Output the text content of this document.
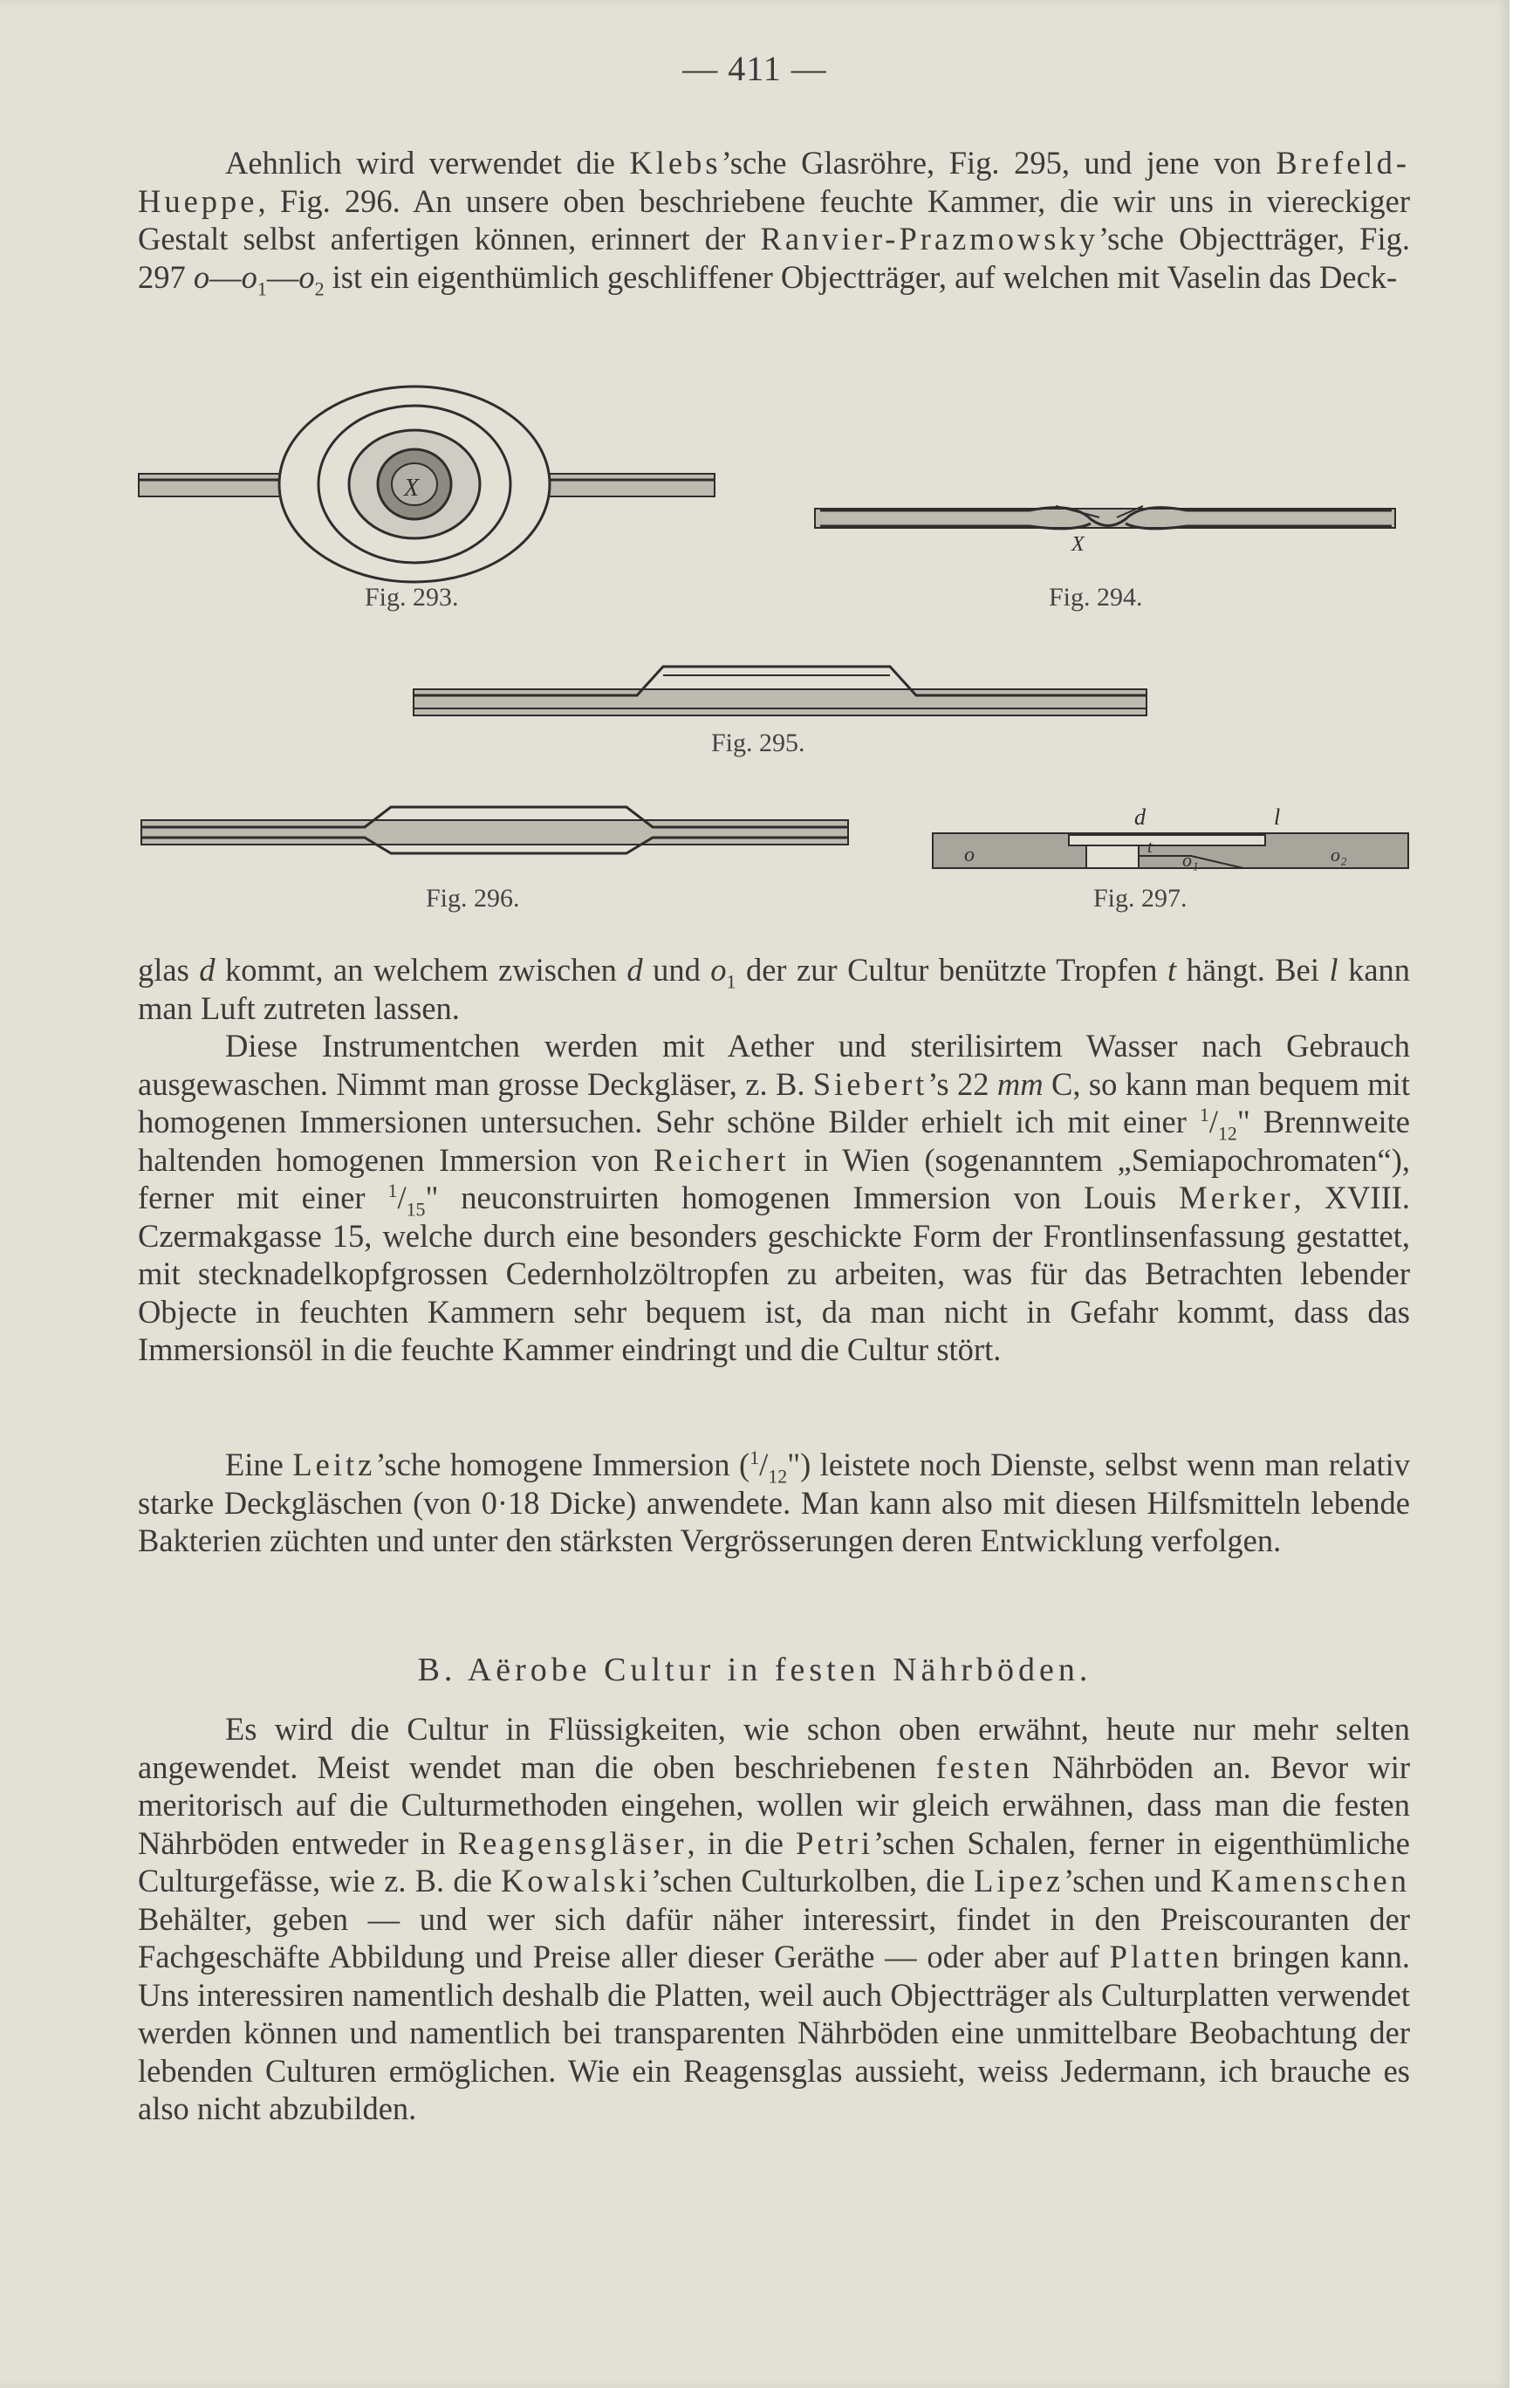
— 411 —

Aehnlich wird verwendet die Klebs’sche Glasröhre, Fig. 295, und jene von Brefeld-Hueppe, Fig. 296. An unsere oben beschriebene feuchte Kammer, die wir uns in viereckiger Gestalt selbst anfertigen können, erinnert der Ranvier-Prazmowsky’sche Objectträger, Fig. 297 $o—o_1—o_2$ ist ein eigenthümlich geschliffener Objectträger, auf welchen mit Vaselin das Deck-

X
Fig. 293.
X
Fig. 294.
Fig. 295.
Fig. 296.
d	l
o	o₁	o₂
t
Fig. 297.

glas d kommt, an welchem zwischen d und $o_1$ der zur Cultur benützte Tropfen t hängt. Bei l kann man Luft zutreten lassen.

Diese Instrumentchen werden mit Aether und sterilisirtem Wasser nach Gebrauch ausgewaschen. Nimmt man grosse Deckgläser, z. B. Siebert’s 22 mm C, so kann man bequem mit homogenen Immersionen untersuchen. Sehr schöne Bilder erhielt ich mit einer $^1/_{12}$" Brennweite haltenden homogenen Immersion von Reichert in Wien (sogenanntem „Semiapochromaten“), ferner mit einer $^1/_{15}$" neuconstruirten homogenen Immersion von Louis Merker, XVIII. Czermakgasse 15, welche durch eine besonders geschickte Form der Frontlinsenfassung gestattet, mit stecknadelkopfgrossen Cedernholzöltropfen zu arbeiten, was für das Betrachten lebender Objecte in feuchten Kammern sehr bequem ist, da man nicht in Gefahr kommt, dass das Immersionsöl in die feuchte Kammer eindringt und die Cultur stört.

Eine Leitz’sche homogene Immersion $(^1/_{12}")$ leistete noch Dienste, selbst wenn man relativ starke Deckgläschen (von 0·18 Dicke) anwendete. Man kann also mit diesen Hilfsmitteln lebende Bakterien züchten und unter den stärksten Vergrösserungen deren Entwicklung verfolgen.

B. Aërobe Cultur in festen Nährböden.

Es wird die Cultur in Flüssigkeiten, wie schon oben erwähnt, heute nur mehr selten angewendet. Meist wendet man die oben beschriebenen festen Nährböden an. Bevor wir meritorisch auf die Culturmethoden eingehen, wollen wir gleich erwähnen, dass man die festen Nährböden entweder in Reagensgläser, in die Petri’schen Schalen, ferner in eigenthümliche Culturgefässe, wie z. B. die Kowalski’schen Culturkolben, die Lipez’schen und Kamenschen Behälter, geben — und wer sich dafür näher interessirt, findet in den Preiscouranten der Fachgeschäfte Abbildung und Preise aller dieser Geräthe — oder aber auf Platten bringen kann. Uns interessiren namentlich deshalb die Platten, weil auch Objectträger als Culturplatten verwendet werden können und namentlich bei transparenten Nährböden eine unmittelbare Beobachtung der lebenden Culturen ermöglichen. Wie ein Reagensglas aussieht, weiss Jedermann, ich brauche es also nicht abzubilden.
